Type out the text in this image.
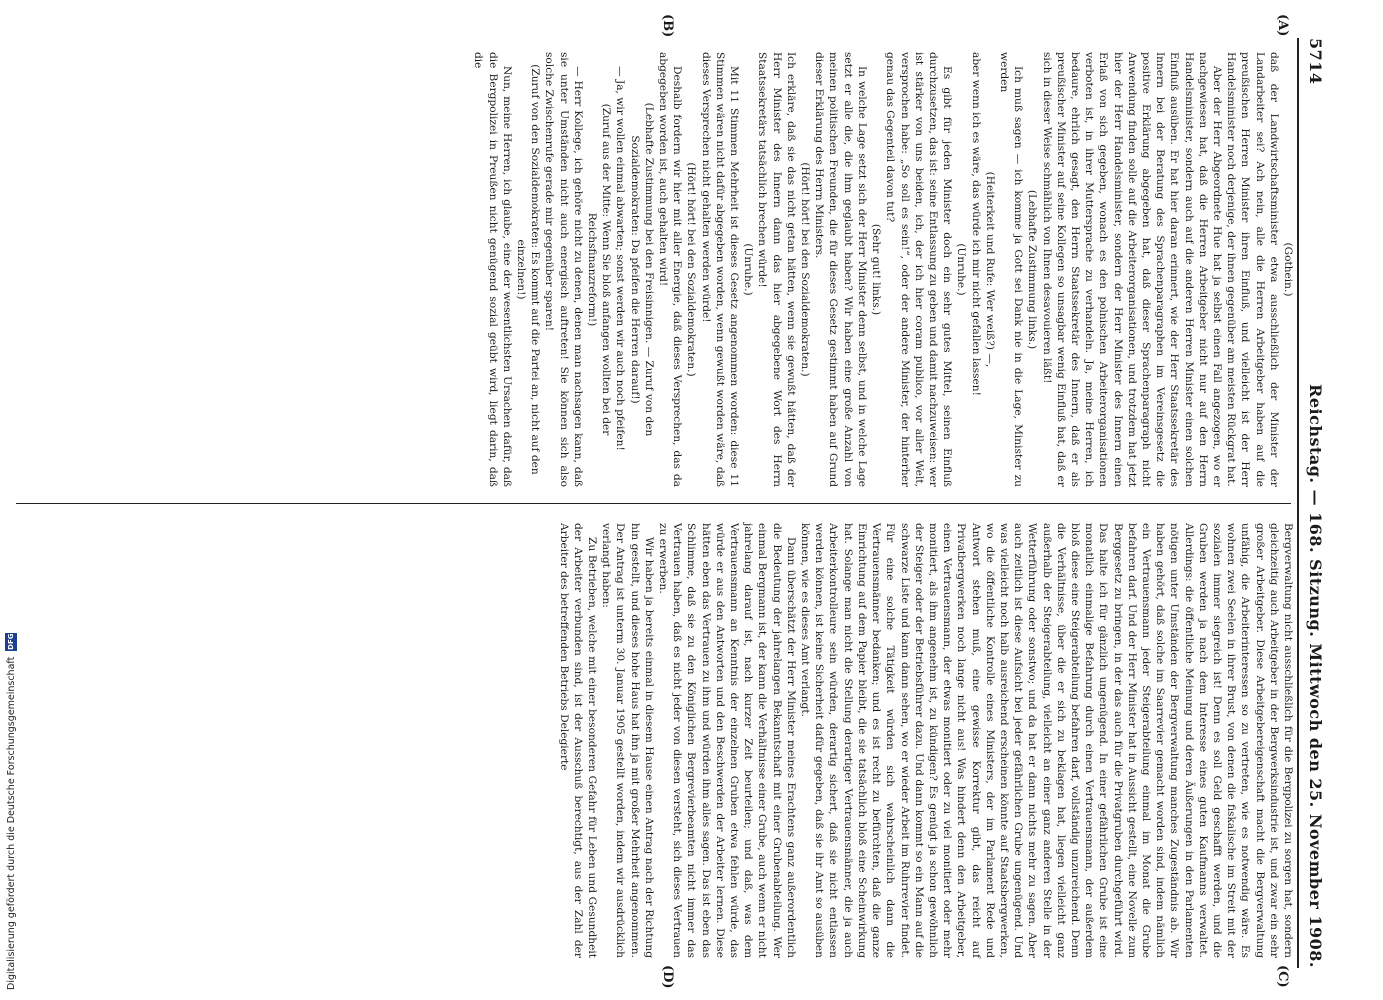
5714
Reichstag. — 168. Sitzung. Mittwoch den 25. November 1908.
(A)
(B)
(C)
(D)

(Gothein.)

daß der Landwirtschaftsminister etwa ausschließlich der Minister der Landarbeiter sei? Ach nein, alle die Herren Arbeitgeber haben auf die preußischen Herren Minister ihren Einfluß, und vielleicht ist der Herr Handelsminister noch derjenige, der ihnen gegenüber am meisten Rückgrat hat.

Aber der Herr Abgeordnete Hue hat ja selbst einen Fall angezogen, wo er nachgewiesen hat, daß die Herren Arbeitgeber nicht nur auf den Herrn Handelsminister, sondern auch auf die anderen Herren Minister einen solchen Einfluß ausüben. Er hat hier daran erinnert, wie der Herr Staatssekretär des Innern bei der Beratung des Sprachenparagraphen im Vereinsgesetz die positive Erklärung abgegeben hat, daß dieser Sprachenparagraph nicht Anwendung finden solle auf die Arbeiterorganisationen, und trotzdem hat jetzt hier der Herr Handelsminister, sondern der Herr Minister des Innern einen Erlaß von sich gegeben, wonach es den polnischen Arbeiterorganisationen verboten ist, in ihrer Muttersprache zu verhandeln. Ja, meine Herren, ich bedaure, ehrlich gesagt, den Herrn Staatssekretär des Innern, daß er als preußischer Minister auf seine Kollegen so unsagbar wenig Einfluß hat, daß er sich in dieser Weise schmählich von Ihnen desavouieren läßt!

(Lebhafte Zustimmung links.)

Ich muß sagen — ich komme ja Gott sei Dank nie in die Lage, Minister zu werden

(Heiterkeit und Rufe: Wer weiß?) —,

aber wenn ich es wäre, das würde ich mir nicht gefallen lassen!

(Unruhe.)

Es gibt für jeden Minister doch ein sehr gutes Mittel, seinen Einfluß durchzusetzen, das ist: seine Entlassung zu geben und damit nachzuweisen: wer ist stärker von uns beiden, ich, der ich hier coram publico, vor aller Welt, versprochen habe: „So soll es sein!“, oder der andere Minister, der hinterher genau das Gegenteil davon tut?

(Sehr gut! links.)

In welche Lage setzt sich der Herr Minister denn selbst, und in welche Lage setzt er alle die, die ihm geglaubt haben? Wir haben eine große Anzahl von meinen politischen Freunden, die für dieses Gesetz gestimmt haben auf Grund dieser Erklärung des Herrn Ministers.

(Hört! hört! bei den Sozialdemokraten.)

Ich erkläre, daß sie das nicht getan hätten, wenn sie gewußt hätten, daß der Herr Minister des Innern dann das hier abgegebene Wort des Herrn Staatssekretärs tatsächlich brechen würde!

(Unruhe.)

Mit 11 Stimmen Mehrheit ist dieses Gesetz angenommen worden: diese 11 Stimmen wären nicht dafür abgegeben worden, wenn gewußt worden wäre, daß dieses Versprechen nicht gehalten werden würde!

(Hört! hört! bei den Sozialdemokraten.)

Deshalb fordern wir hier mit aller Energie, daß dieses Versprechen, das da abgegeben worden ist, auch gehalten wird!

(Lebhafte Zustimmung bei den Freisinnigen. — Zuruf von den Sozialdemokraten: Da pfeifen die Herren darauf!)

— Ja, wir wollen einmal abwarten; sonst werden wir auch noch pfeifen!

(Zuruf aus der Mitte: Wenn Sie bloß anfangen wollten bei der Reichsfinanzreform!)

— Herr Kollege, ich gehöre nicht zu denen, denen man nachsagen kann, daß sie unter Umständen nicht auch energisch auftreten! Sie können sich also solche Zwischenrufe gerade mir gegenüber sparen!

(Zuruf von den Sozialdemokraten: Es kommt auf die Partei an, nicht auf den einzelnen!)

Nun, meine Herren, ich glaube, eine der wesentlichsten Ursachen dafür, daß die Bergpolizei in Preußen nicht genügend sozial geübt wird, liegt darin, daß die

Bergverwaltung nicht ausschließlich für die Bergpolizei zu sorgen hat, sondern gleichzeitig auch Arbeitgeber in der Bergwerksindustrie ist, und zwar ein sehr großer Arbeitgeber. Diese Arbeitgebereigenschaft macht die Bergverwaltung unfähig, die Arbeiterinteressen so zu vertreten, wie es notwendig wäre. Es wohnen zwei Seelen in ihrer Brust, von denen die fiskalische im Streit mit der sozialen immer siegreich ist! Denn es soll Geld geschafft werden, und die Gruben werden ja nach dem Interesse eines guten Kaufmanns verwaltet. Allerdings: die öffentliche Meinung und deren Äußerungen in den Parlamenten nötigen unter Umständen der Bergverwaltung manches Zugeständnis ab. Wir haben gehört, daß solche im Saarrevier gemacht worden sind, indem nämlich ein Vertrauensmann jeder Steigerabteilung einmal im Monat die Grube befahren darf. Und der Herr Minister hat in Aussicht gestellt, eine Novelle zum Berggesetz zu bringen, in der das auch für die Privatgruben durchgeführt wird. Das halte ich für gänzlich ungenügend. In einer gefährlichen Grube ist eine monatlich einmalige Befahrung durch einen Vertrauensmann, der außerdem bloß diese eine Steigerabteilung befahren darf, vollständig unzureichend. Denn die Verhältnisse, über die er sich zu beklagen hat, liegen vielleicht ganz außerhalb der Steigerabteilung, vielleicht an einer ganz anderen Stelle in der Wetterführung oder sonstwo; und da hat er dann nichts mehr zu sagen. Aber auch zeitlich ist diese Aufsicht bei jeder gefährlichen Grube ungenügend. Und was vielleicht noch halb ausreichend erscheinen könnte auf Staatsbergwerken, wo die öffentliche Kontrolle eines Ministers, der im Parlament Rede und Antwort stehen muß, eine gewisse Korrektur gibt, das reicht auf Privatbergwerken noch lange nicht aus! Was hindert denn den Arbeitgeber, einen Vertrauensmann, der etwas monitiert oder zu viel monitiert oder mehr monitiert, als ihm angenehm ist, zu kündigen? Es genügt ja schon gewöhnlich der Steiger oder der Betriebsführer dazu. Und dann kommt so ein Mann auf die schwarze Liste und kann dann sehen, wo er wieder Arbeit im Ruhrrevier findet. Für eine solche Tätigkeit würden sich wahrscheinlich dann die Vertrauensmänner bedanken; und es ist recht zu befürchten, daß die ganze Einrichtung auf dem Papier bleibt, die sie tatsächlich bloß eine Scheinwirkung hat. Solange man nicht die Stellung derartiger Vertrauensmänner, die ja auch Arbeiterkontrolleure sein würden, derartig sichert, daß sie nicht entlassen werden können, ist keine Sicherheit dafür gegeben, daß sie ihr Amt so ausüben können, wie es dieses Amt verlangt.

Dann überschätzt der Herr Minister meines Erachtens ganz außerordentlich die Bedeutung der jahrelangen Bekanntschaft mit einer Grubenabteilung. Wer einmal Bergmann ist, der kann die Verhältnisse einer Grube, auch wenn er nicht jahrelang darauf ist, nach kurzer Zeit beurteilen; und daß, was dem Vertrauensmann an Kenntnis der einzelnen Gruben etwa fehlen würde, das würde er aus den Antworten und den Beschwerden der Arbeiter lernen. Diese hätten eben das Vertrauen zu ihm und würden ihm alles sagen. Das ist eben das Schlimme, daß sie zu den Königlichen Bergrevierbeamten nicht immer das Vertrauen haben, daß es nicht jeder von diesen versteht, sich dieses Vertrauen zu erwerben.

Wir haben ja bereits einmal in diesem Hause einen Antrag nach der Richtung hin gestellt, und dieses hohe Haus hat ihn ja mit großer Mehrheit angenommen. Der Antrag ist unterm 30. Januar 1905 gestellt worden, indem wir ausdrücklich verlangt haben:

Zu Betrieben, welche mit einer besonderen Gefahr für Leben und Gesundheit der Arbeiter verbunden sind, ist der Ausschuß berechtigt, aus der Zahl der Arbeiter des betreffenden Betriebs Delegierte

Digitalisierung gefördert durch die Deutsche Forschungsgemeinschaft
DFG
